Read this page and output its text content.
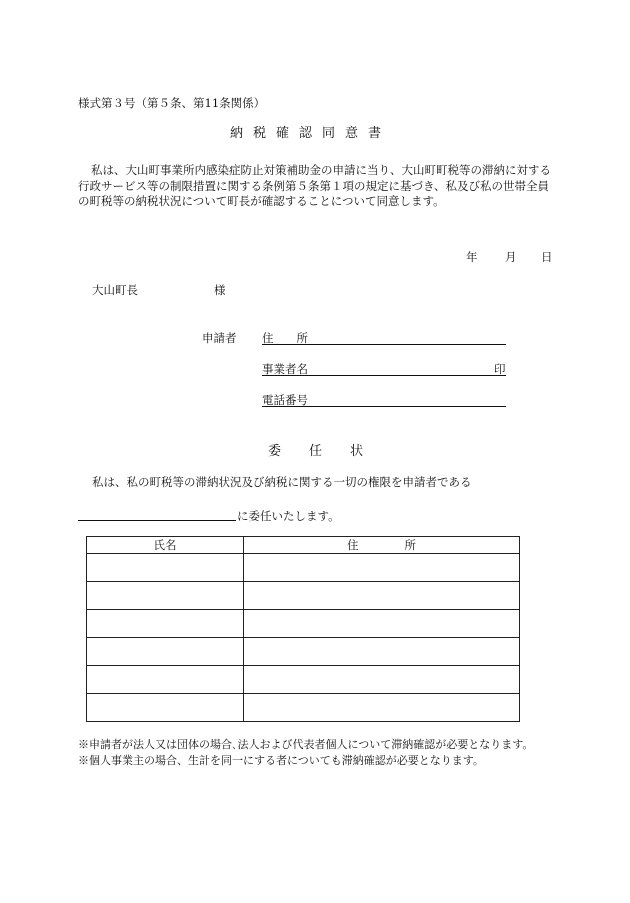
様式第３号（第５条、第11条関係）
納税確認同意書
私は、大山町事業所内感染症防止対策補助金の申請に当り、大山町町税等の滞納に対する
行政サービス等の制限措置に関する条例第５条第１項の規定に基づき、私及び私の世帯全員
の町税等の納税状況について町長が確認することについて同意します。
年 月 日
大山町長	様
申請者 住　　所
事業者名	印
電話番号
委任状
私は、私の町税等の滞納状況及び納税に関する一切の権限を申請者である
に委任いたします。
氏名	住　　　　所

※申請者が法人又は団体の場合､法人および代表者個人について滞納確認が必要となります。
※個人事業主の場合、生計を同一にする者についても滞納確認が必要となります。
